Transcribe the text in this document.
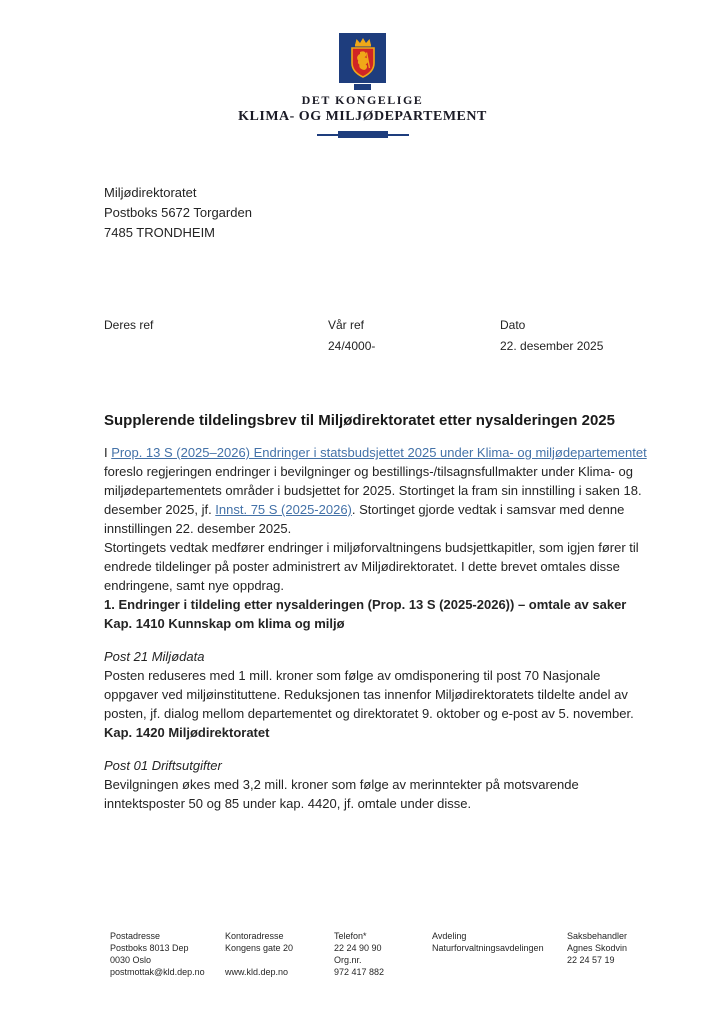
DET KONGELIGE
KLIMA- OG MILJØDEPARTEMENT
Miljødirektoratet
Postboks 5672 Torgarden
7485 TRONDHEIM
Deres ref	Vår ref
24/4000-
Dato
22. desember 2025
Supplerende tildelingsbrev til Miljødirektoratet etter nysalderingen 2025

I Prop. 13 S (2025–2026) Endringer i statsbudsjettet 2025 under Klima- og miljødepartementet foreslo regjeringen endringer i bevilgninger og bestillings-/tilsagnsfullmakter under Klima- og miljødepartementets områder i budsjettet for 2025. Stortinget la fram sin innstilling i saken 18. desember 2025, jf. Innst. 75 S (2025-2026). Stortinget gjorde vedtak i samsvar med denne innstillingen 22. desember 2025.

Stortingets vedtak medfører endringer i miljøforvaltningens budsjettkapitler, som igjen fører til endrede tildelinger på poster administrert av Miljødirektoratet. I dette brevet omtales disse endringene, samt nye oppdrag.

1. Endringer i tildeling etter nysalderingen (Prop. 13 S (2025-2026)) – omtale av saker

Kap. 1410 Kunnskap om klima og miljø

Post 21 Miljødata
Posten reduseres med 1 mill. kroner som følge av omdisponering til post 70 Nasjonale oppgaver ved miljøinstituttene. Reduksjonen tas innenfor Miljødirektoratets tildelte andel av posten, jf. dialog mellom departementet og direktoratet 9. oktober og e-post av 5. november.

Kap. 1420 Miljødirektoratet

Post 01 Driftsutgifter
Bevilgningen økes med 3,2 mill. kroner som følge av merinntekter på motsvarende inntektsposter 50 og 85 under kap. 4420, jf. omtale under disse.
Postadresse
Postboks 8013 Dep
0030 Oslo
postmottak@kld.dep.no
Kontoradresse
Kongens gate 20
www.kld.dep.no
Telefon*
22 24 90 90
Org.nr.
972 417 882
Avdeling
Naturforvaltningsavdelingen
Saksbehandler
Agnes Skodvin
22 24 57 19
